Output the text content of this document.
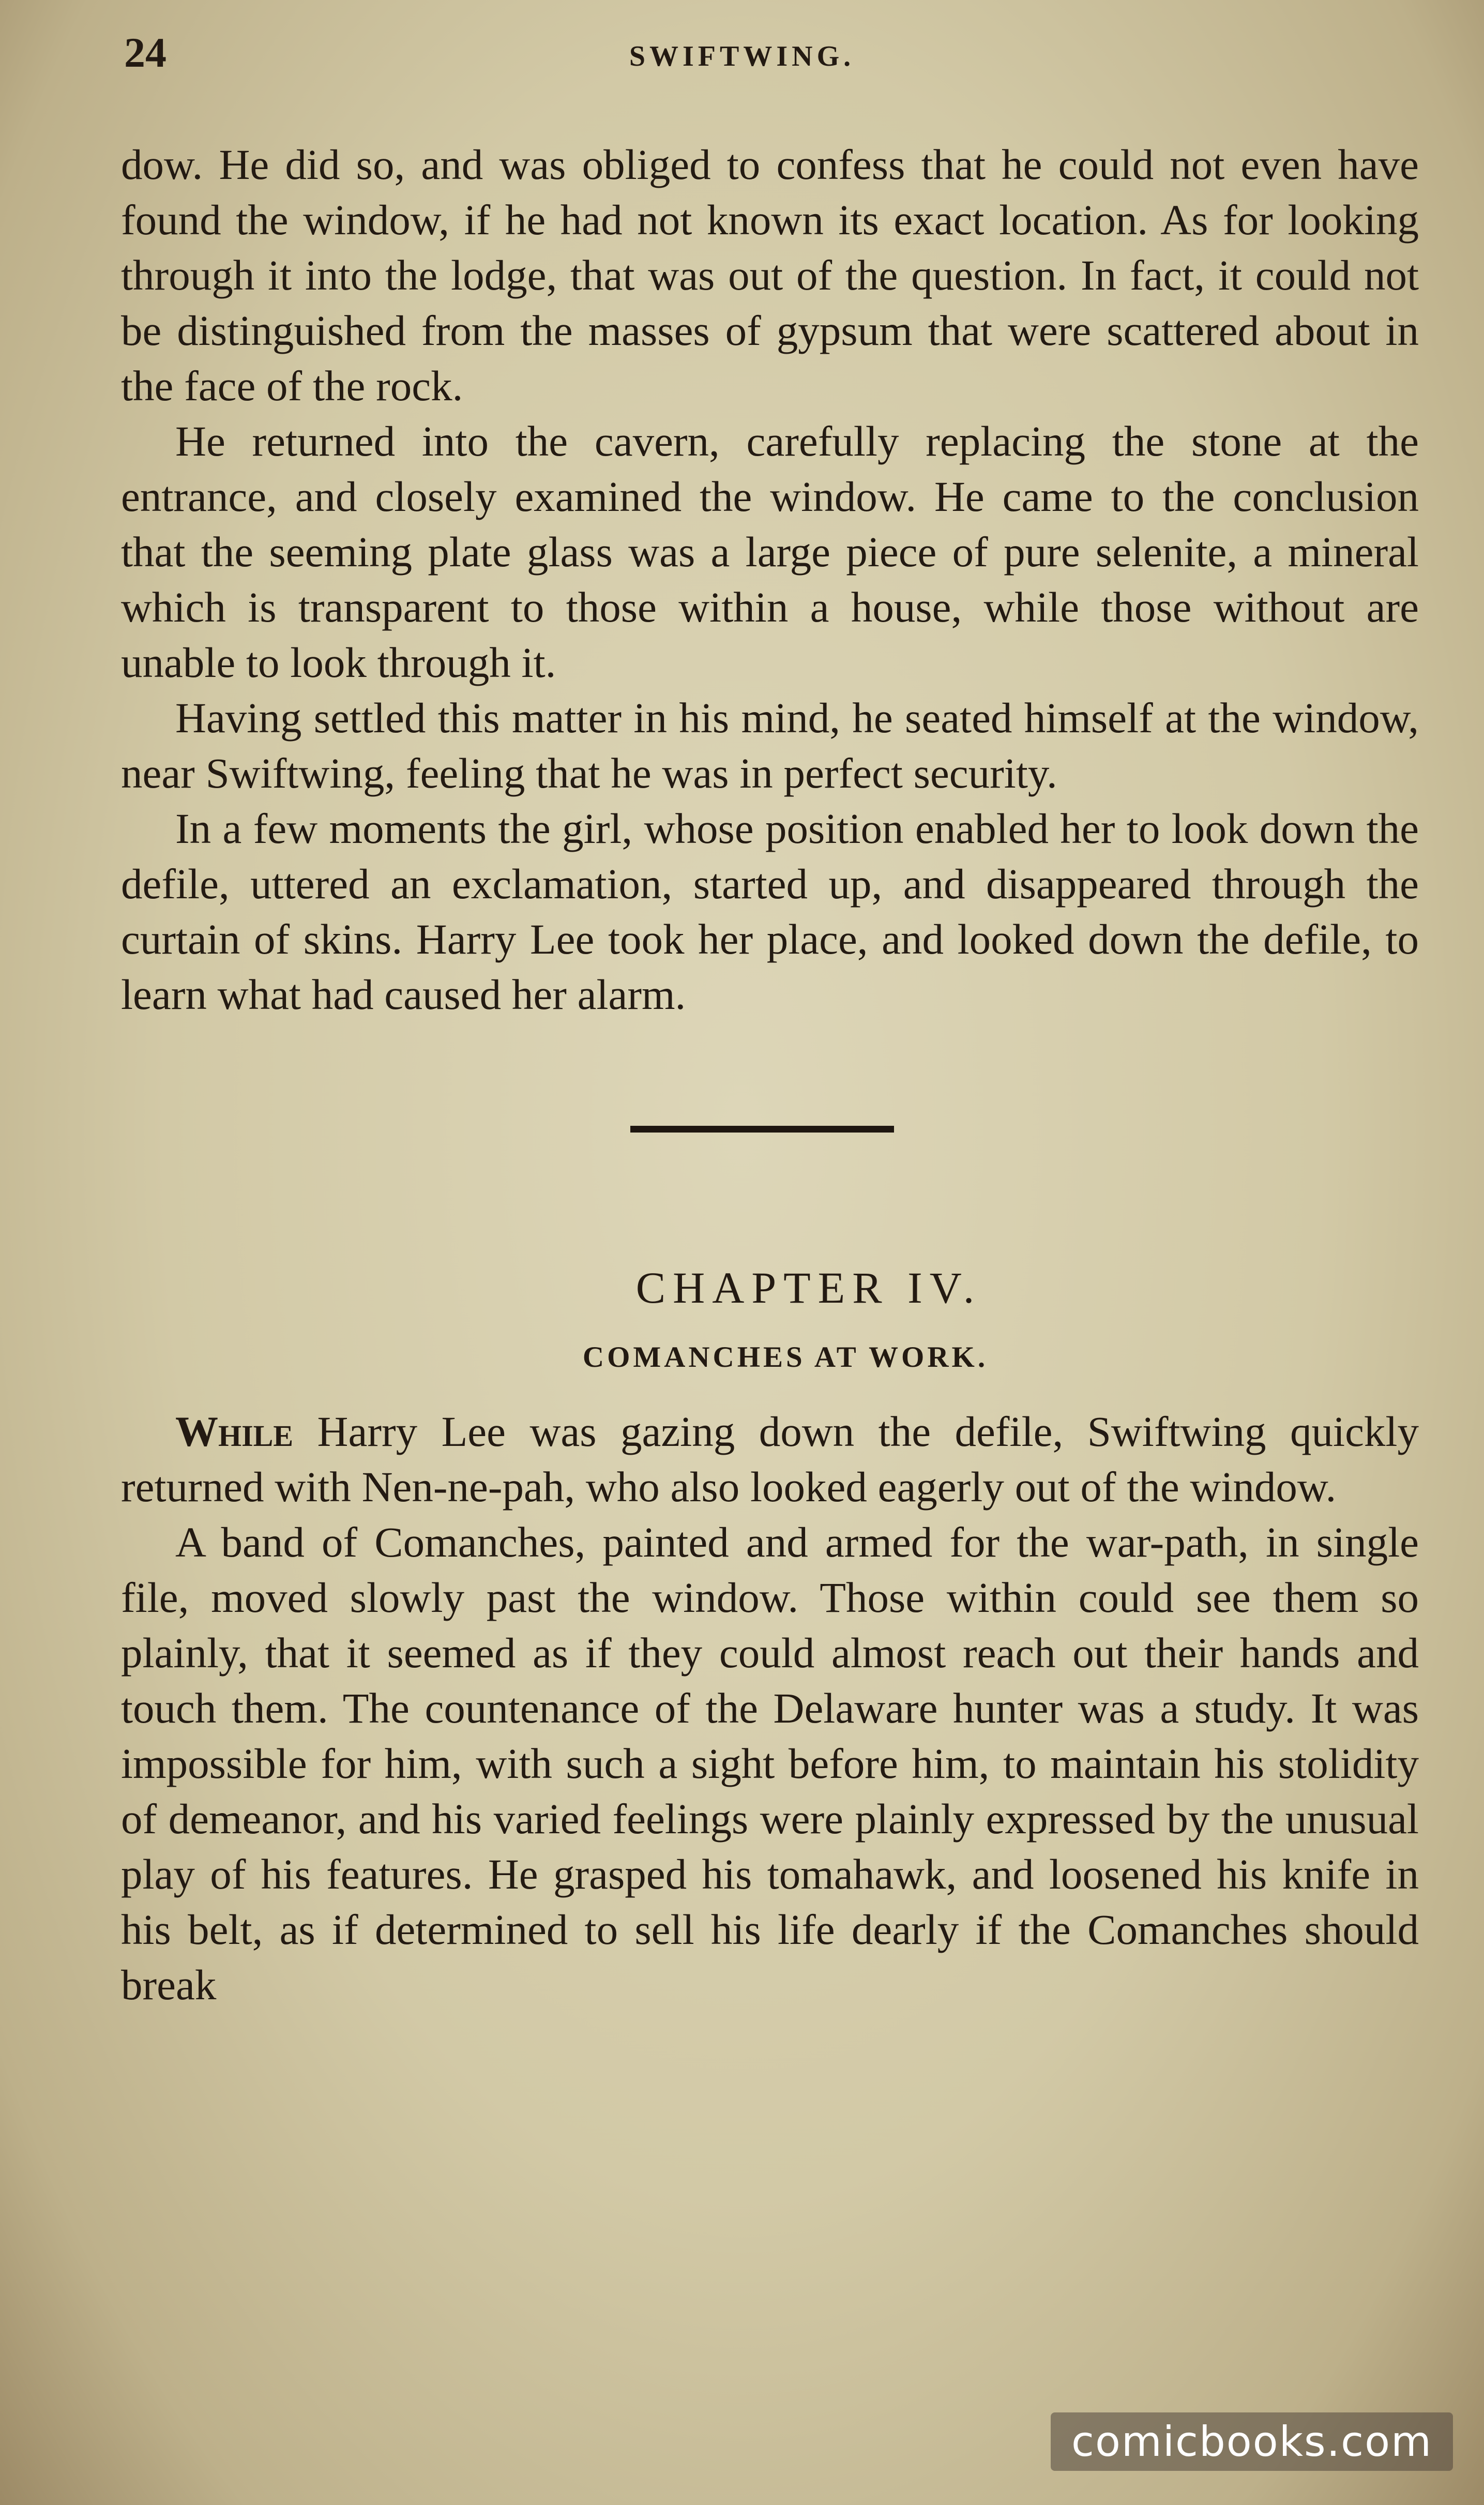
24	SWIFTWING.

dow. He did so, and was obliged to confess that he could not even have found the window, if he had not known its exact location. As for looking through it into the lodge, that was out of the question. In fact, it could not be distinguished from the masses of gypsum that were scattered about in the face of the rock.

He returned into the cavern, carefully replacing the stone at the entrance, and closely examined the window. He came to the conclusion that the seeming plate glass was a large piece of pure selenite, a mineral which is transparent to those within a house, while those without are unable to look through it.

Having settled this matter in his mind, he seated himself at the window, near Swiftwing, feeling that he was in perfect security.

In a few moments the girl, whose position enabled her to look down the defile, uttered an exclamation, started up, and disappeared through the curtain of skins. Harry Lee took her place, and looked down the defile, to learn what had caused her alarm.

CHAPTER IV.
COMANCHES AT WORK.

While Harry Lee was gazing down the defile, Swiftwing quickly returned with Nen-ne-pah, who also looked eagerly out of the window.

A band of Comanches, painted and armed for the war-path, in single file, moved slowly past the window. Those within could see them so plainly, that it seemed as if they could almost reach out their hands and touch them. The countenance of the Delaware hunter was a study. It was impossible for him, with such a sight before him, to maintain his stolidity of demeanor, and his varied feelings were plainly expressed by the unusual play of his features. He grasped his tomahawk, and loosened his knife in his belt, as if determined to sell his life dearly if the Comanches should break

comicbooks.com
